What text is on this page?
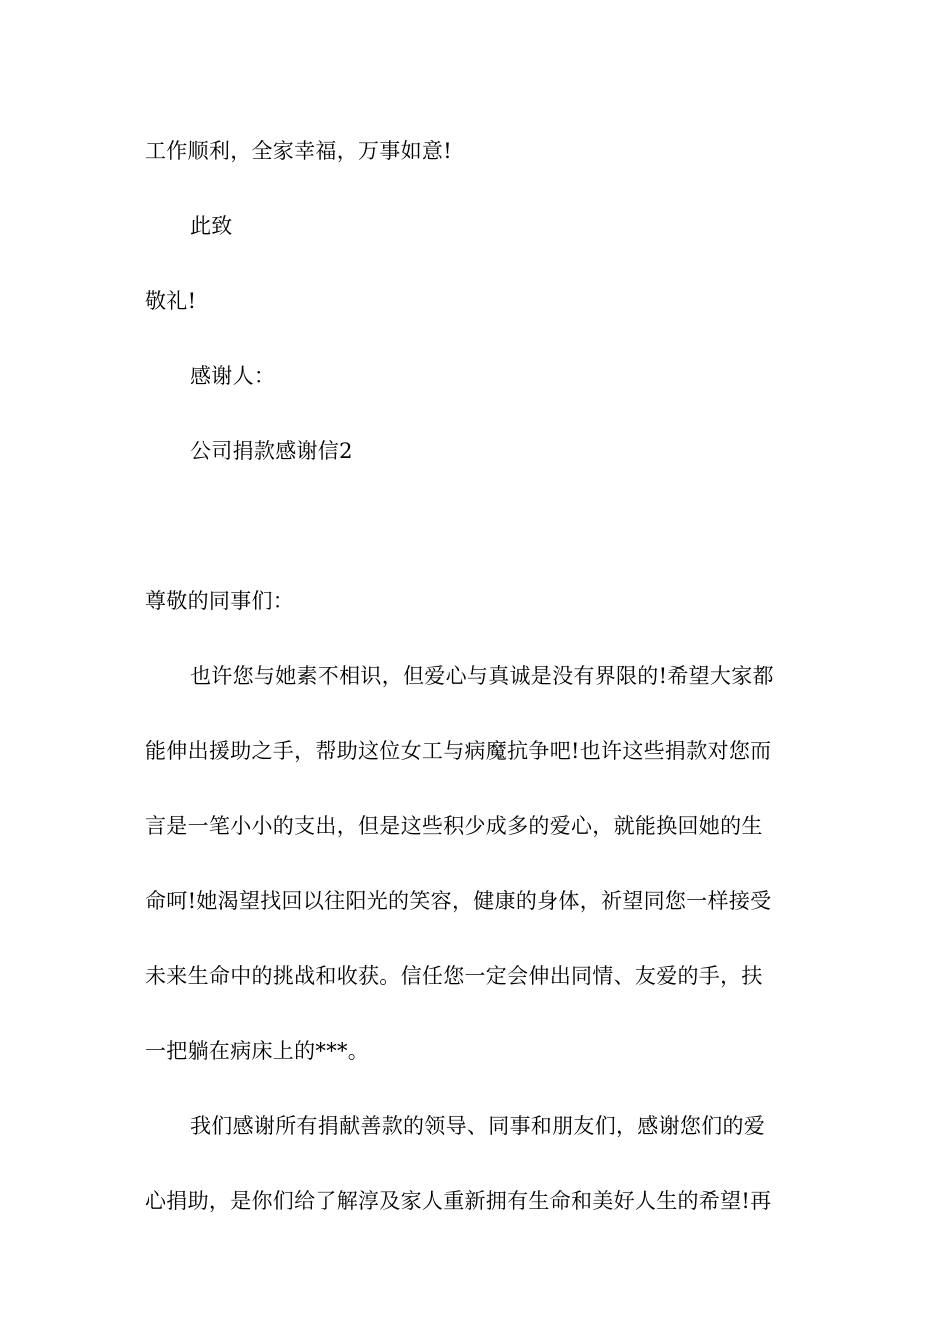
工作顺利，全家幸福，万事如意!
此致
敬礼!
感谢人：
公司捐款感谢信2
尊敬的同事们：
也许您与她素不相识，但爱心与真诚是没有界限的!希望大家都
能伸出援助之手，帮助这位女工与病魔抗争吧!也许这些捐款对您而
言是一笔小小的支出，但是这些积少成多的爱心，就能换回她的生
命呵!她渴望找回以往阳光的笑容，健康的身体，祈望同您一样接受
未来生命中的挑战和收获。信任您一定会伸出同情、友爱的手，扶
一把躺在病床上的***。
我们感谢所有捐献善款的领导、同事和朋友们，感谢您们的爱
心捐助，是你们给了解淳及家人重新拥有生命和美好人生的希望!再
